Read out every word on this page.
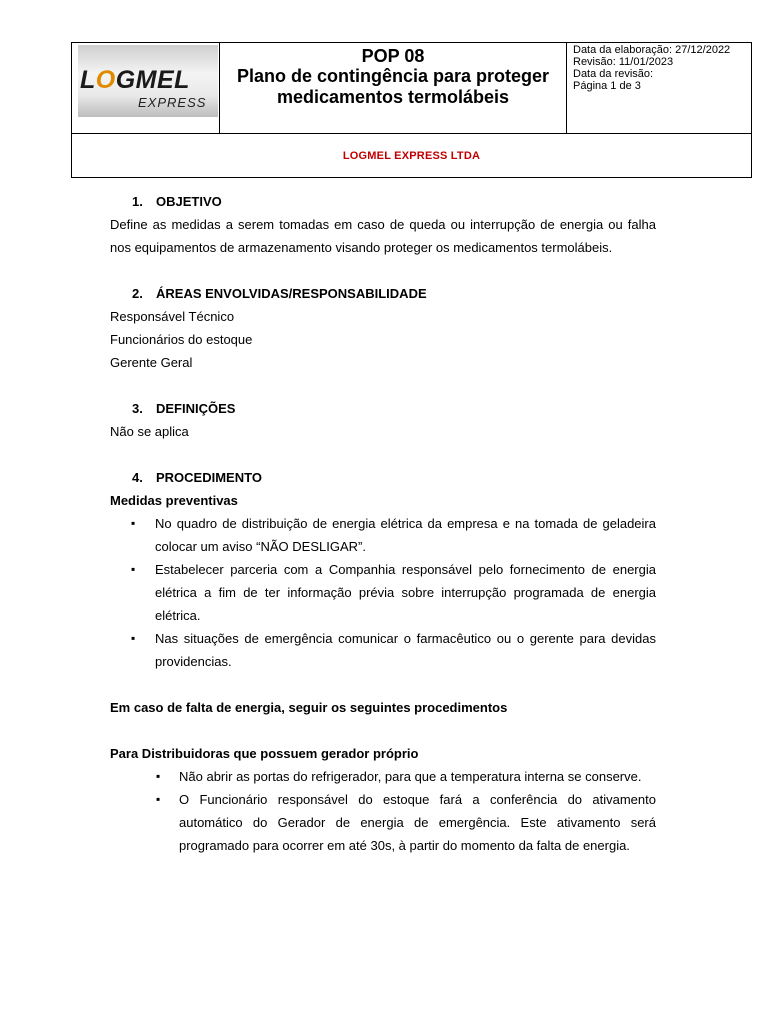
LOGMEL
EXPRESS
POP 08
Plano de contingência para proteger medicamentos termolábeis
Data da elaboração: 27/12/2022
Revisão: 11/01/2023
Data da revisão:
Página 1 de 3
LOGMEL EXPRESS LTDA
1. OBJETIVO
Define as medidas a serem tomadas em caso de queda ou interrupção de energia ou falha nos equipamentos de armazenamento visando proteger os medicamentos termolábeis.
2. ÁREAS ENVOLVIDAS/RESPONSABILIDADE
Responsável Técnico
Funcionários do estoque
Gerente Geral
3. DEFINIÇÕES
Não se aplica
4. PROCEDIMENTO
Medidas preventivas
▪ No quadro de distribuição de energia elétrica da empresa e na tomada de geladeira colocar um aviso “NÃO DESLIGAR”.
▪ Estabelecer parceria com a Companhia responsável pelo fornecimento de energia elétrica a fim de ter informação prévia sobre interrupção programada de energia elétrica.
▪ Nas situações de emergência comunicar o farmacêutico ou o gerente para devidas providencias.
Em caso de falta de energia, seguir os seguintes procedimentos
Para Distribuidoras que possuem gerador próprio
▪ Não abrir as portas do refrigerador, para que a temperatura interna se conserve.
▪ O Funcionário responsável do estoque fará a conferência do ativamento automático do Gerador de energia de emergência. Este ativamento será programado para ocorrer em até 30s, à partir do momento da falta de energia.
